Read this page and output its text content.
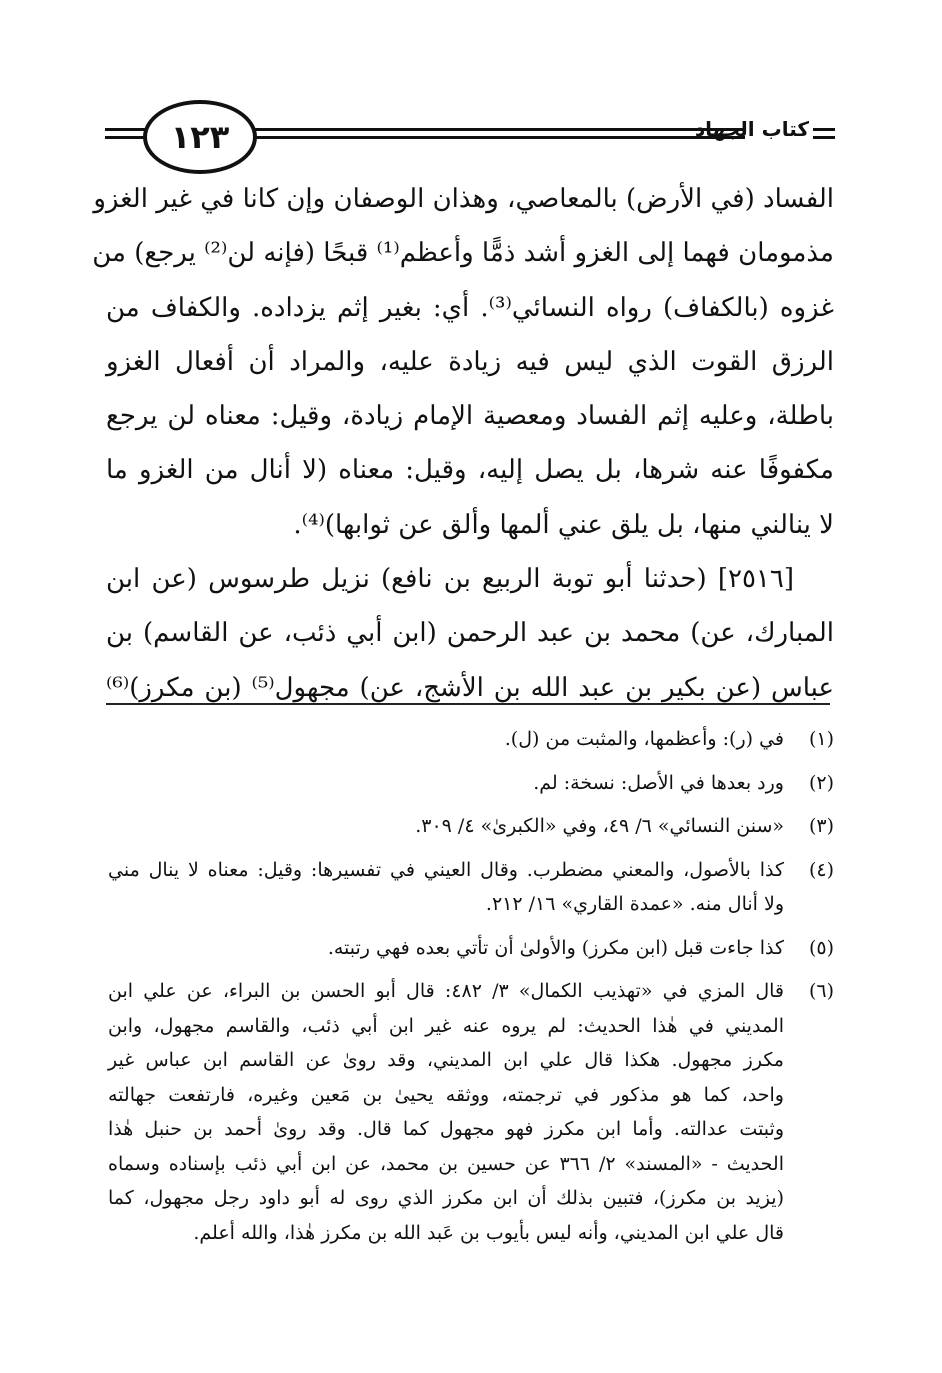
١٢٣	كتاب الجهاد
الفساد (في الأرض) بالمعاصي، وهذان الوصفان وإن كانا في غير الغزو
مذمومان فهما إلى الغزو أشد ذمًّا وأعظم⁽¹⁾ قبحًا (فإنه لن⁽²⁾ يرجع) من
غزوه (بالكفاف) رواه النسائي⁽³⁾. أي: بغير إثم يزداده. والكفاف من
الرزق القوت الذي ليس فيه زيادة عليه، والمراد أن أفعال الغزو
باطلة، وعليه إثم الفساد ومعصية الإمام زيادة، وقيل: معناه لن يرجع
مكفوفًا عنه شرها، بل يصل إليه، وقيل: معناه (لا أنال من الغزو ما
لا ينالني منها، بل يلق عني ألمها وألق عن ثوابها)⁽⁴⁾.
[٢٥١٦] (حدثنا أبو توبة الربيع بن نافع) نزيل طرسوس (عن ابن
المبارك، عن) محمد بن عبد الرحمن (ابن أبي ذئب، عن القاسم) بن
عباس (عن بكير بن عبد الله بن الأشج، عن) مجهول⁽⁵⁾ (بن مكرز)⁽⁶⁾
(١)
في (ر): وأعظمها، والمثبت من (ل).
(٢)
ورد بعدها في الأصل: نسخة: لم.
(٣)
«سنن النسائي» ٦/ ٤٩، وفي «الكبرىٰ» ٤/ ٣٠٩.
(٤)
كذا بالأصول، والمعني مضطرب. وقال العيني في تفسيرها: وقيل: معناه لا ينال مني
ولا أنال منه. «عمدة القاري» ١٦/ ٢١٢.
(٥)
كذا جاءت قبل (ابن مكرز) والأولىٰ أن تأتي بعده فهي رتبته.
(٦)
قال المزي في «تهذيب الكمال» ٣/ ٤٨٢: قال أبو الحسن بن البراء، عن علي ابن
المديني في هٰذا الحديث: لم يروه عنه غير ابن أبي ذئب، والقاسم مجهول، وابن
مكرز مجهول. هكذا قال علي ابن المديني، وقد روىٰ عن القاسم ابن عباس غير
واحد، كما هو مذكور في ترجمته، ووثقه يحيىٰ بن مَعين وغيره، فارتفعت جهالته
وثبتت عدالته. وأما ابن مكرز فهو مجهول كما قال. وقد روىٰ أحمد بن حنبل هٰذا
الحديث - «المسند» ٢/ ٣٦٦ عن حسين بن محمد، عن ابن أبي ذئب بإسناده وسماه
(يزيد بن مكرز)، فتبين بذلك أن ابن مكرز الذي روى له أبو داود رجل مجهول، كما
قال علي ابن المديني، وأنه ليس بأيوب بن عَبد الله بن مكرز هٰذا، والله أعلم.
